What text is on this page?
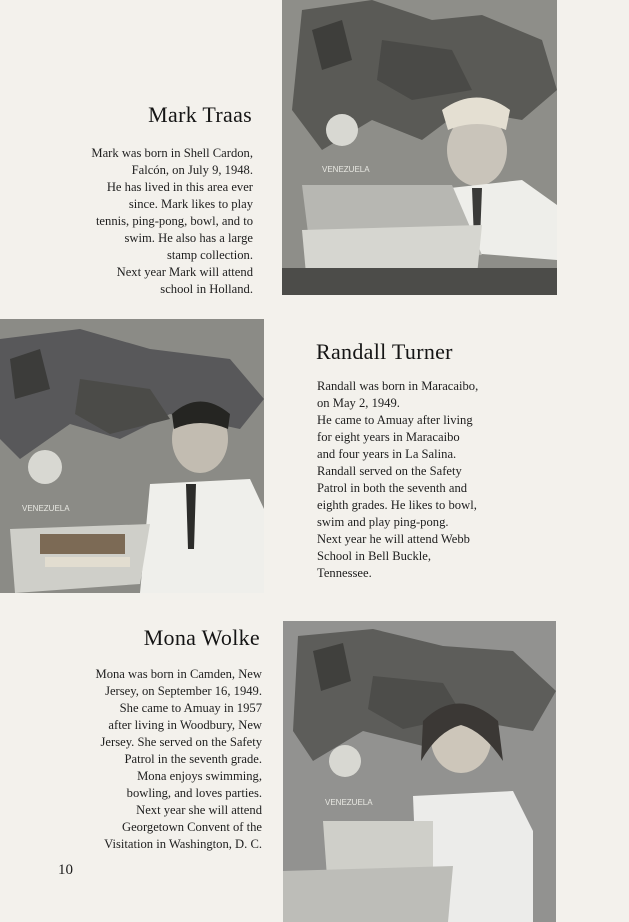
Mark Traas
Mark was born in Shell Cardon,
Falcón, on July 9, 1948.
He has lived in this area ever
since. Mark likes to play
tennis, ping-pong, bowl, and to
swim. He also has a large
stamp collection.
Next year Mark will attend
school in Holland.
VENEZUELA
VENEZUELA
Randall Turner
Randall was born in Maracaibo,
on May 2, 1949.
He came to Amuay after living
for eight years in Maracaibo
and four years in La Salina.
Randall served on the Safety
Patrol in both the seventh and
eighth grades. He likes to bowl,
swim and play ping-pong.
Next year he will attend Webb
School in Bell Buckle,
Tennessee.
Mona Wolke
Mona was born in Camden, New
Jersey, on September 16, 1949.
She came to Amuay in 1957
after living in Woodbury, New
Jersey. She served on the Safety
Patrol in the seventh grade.
Mona enjoys swimming,
bowling, and loves parties.
Next year she will attend
Georgetown Convent of the
Visitation in Washington, D. C.
VENEZUELA
10
